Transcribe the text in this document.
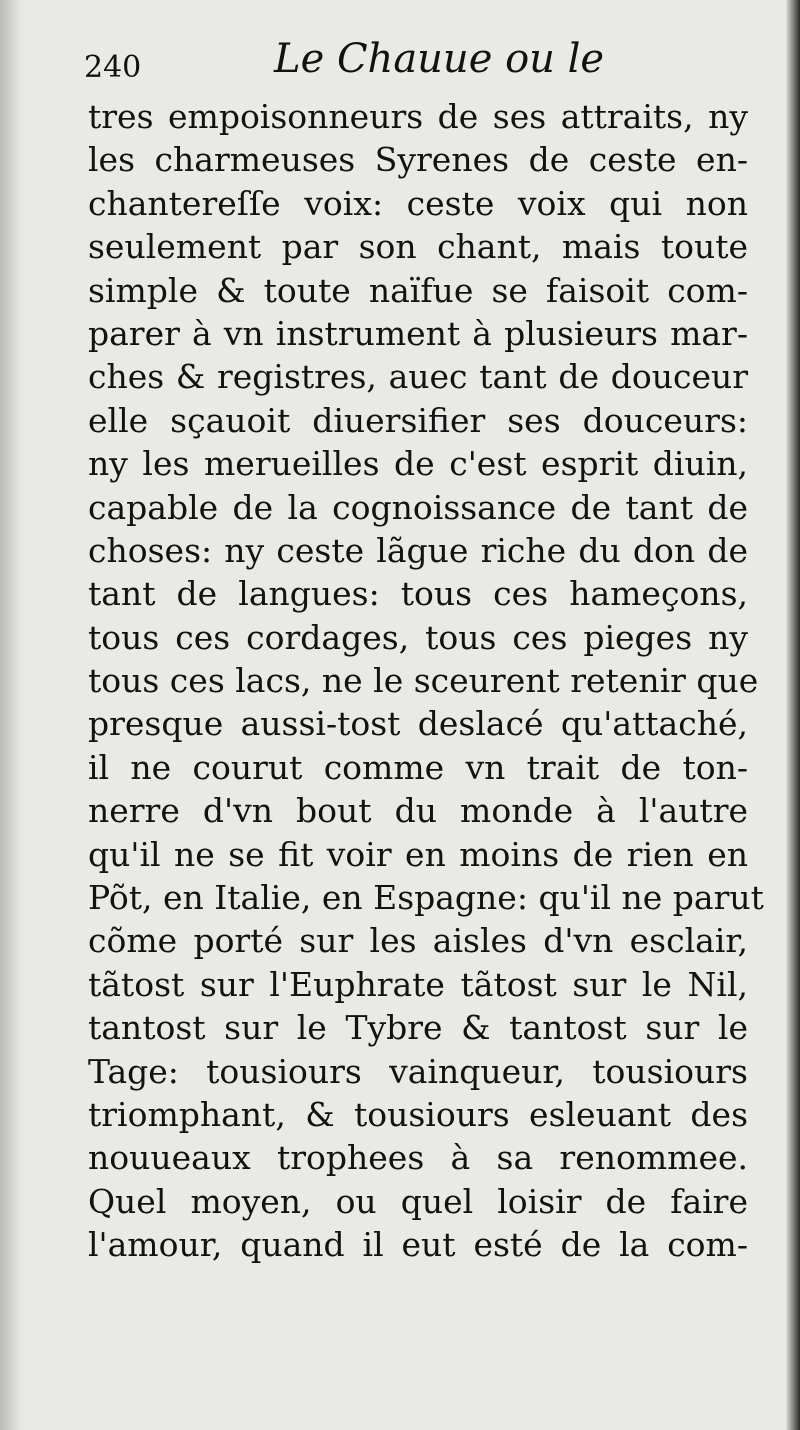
240	Le Chauue ou le
tres empoisonneurs de ses attraits, ny
les charmeuses Syrenes de ceste en-
chantereſſe voix: ceste voix qui non
seulement par son chant, mais toute
simple & toute naïfue se faisoit com-
parer à vn instrument à plusieurs mar-
ches & registres, auec tant de douceur
elle sçauoit diuersifier ses douceurs:
ny les merueilles de c'est esprit diuin,
capable de la cognoissance de tant de
choses: ny ceste lãgue riche du don de
tant de langues: tous ces hameçons,
tous ces cordages, tous ces pieges ny
tous ces lacs, ne le sceurent retenir que
presque aussi-tost deslacé qu'attaché,
il ne courut comme vn trait de ton-
nerre d'vn bout du monde à l'autre
qu'il ne se fit voir en moins de rien en
Põt, en Italie, en Espagne: qu'il ne parut
cõme porté sur les aisles d'vn esclair,
tãtost sur l'Euphrate tãtost sur le Nil,
tantost sur le Tybre & tantost sur le
Tage: tousiours vainqueur, tousiours
triomphant, & tousiours esleuant des
nouueaux trophees à sa renommee.
Quel moyen, ou quel loisir de faire
l'amour, quand il eut esté de la com-
